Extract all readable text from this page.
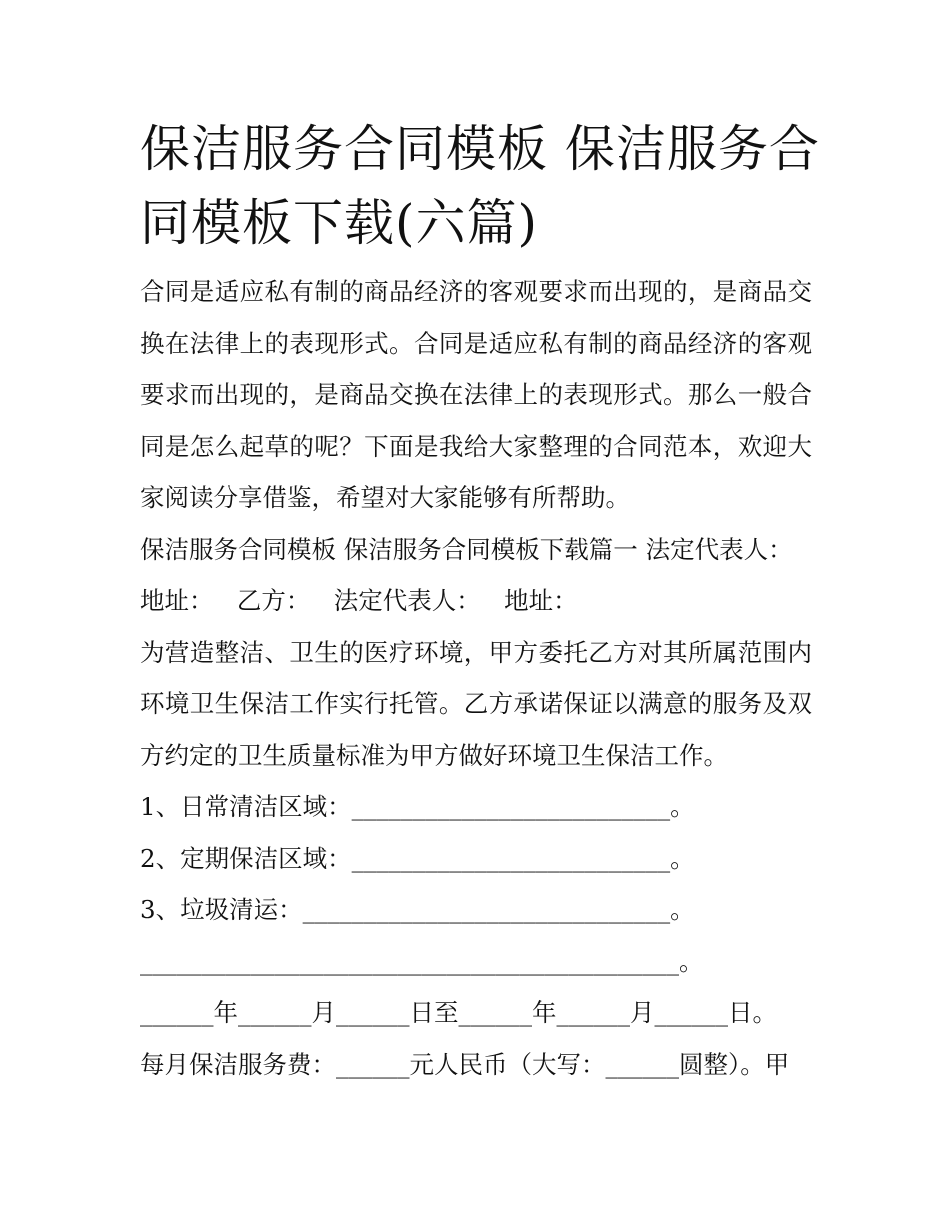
保洁服务合同模板 保洁服务合同模板下载(六篇)

合同是适应私有制的商品经济的客观要求而出现的，是商品交换在法律上的表现形式。合同是适应私有制的商品经济的客观要求而出现的，是商品交换在法律上的表现形式。那么一般合同是怎么起草的呢？下面是我给大家整理的合同范本，欢迎大家阅读分享借鉴，希望对大家能够有所帮助。

保洁服务合同模板 保洁服务合同模板下载篇一 法定代表人：

地址：   乙方：   法定代表人：   地址：

为营造整洁、卫生的医疗环境，甲方委托乙方对其所属范围内环境卫生保洁工作实行托管。乙方承诺保证以满意的服务及双方约定的卫生质量标准为甲方做好环境卫生保洁工作。

1、日常清洁区域：__________________________。

2、定期保洁区域：__________________________。

3、垃圾清运：______________________________。

____________________________________________。

______年______月______日至______年______月______日。

每月保洁服务费：______元人民币（大写：______圆整）。甲
